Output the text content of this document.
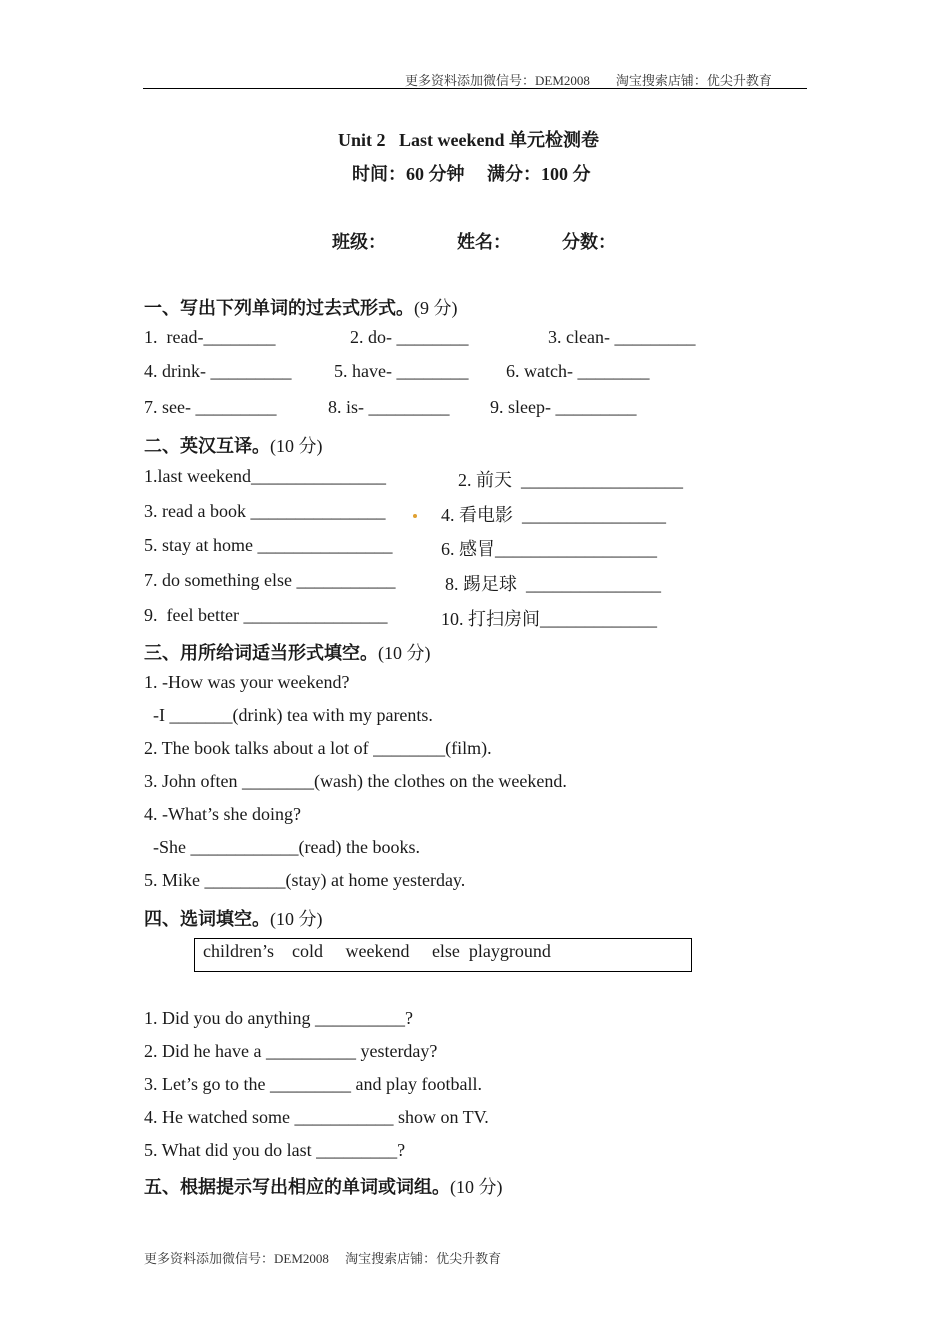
更多资料添加微信号：DEM2008　　淘宝搜索店铺：优尖升教育
Unit 2   Last weekend 单元检测卷
时间：60 分钟　 满分：100 分
班级：	姓名：	分数：
一、写出下列单词的过去式形式。(9 分)
1.  read-________	2. do- ________	3. clean- _________
4. drink- _________ 5. have- ________ 6. watch- ________
7. see- _________	8. is- _________ 9. sleep- _________
二、英汉互译。(10 分)
1.last weekend_______________	2. 前天  __________________
3. read a book _______________	4. 看电影  ________________
5. stay at home _______________	6. 感冒__________________
7. do something else ___________	8. 踢足球  _______________
9.  feel better ________________	10. 打扫房间_____________
三、用所给词适当形式填空。(10 分)
1. -How was your weekend?
-I _______(drink) tea with my parents.
2. The book talks about a lot of ________(film).
3. John often ________(wash) the clothes on the weekend.
4. -What’s she doing?
-She ____________(read) the books.
5. Mike _________(stay) at home yesterday.
四、选词填空。(10 分)
children’s    cold     weekend     else  playground
1. Did you do anything __________?
2. Did he have a __________ yesterday?
3. Let’s go to the _________ and play football.
4. He watched some ___________ show on TV.
5. What did you do last _________?
五、根据提示写出相应的单词或词组。(10 分)
更多资料添加微信号：DEM2008　 淘宝搜索店铺：优尖升教育
